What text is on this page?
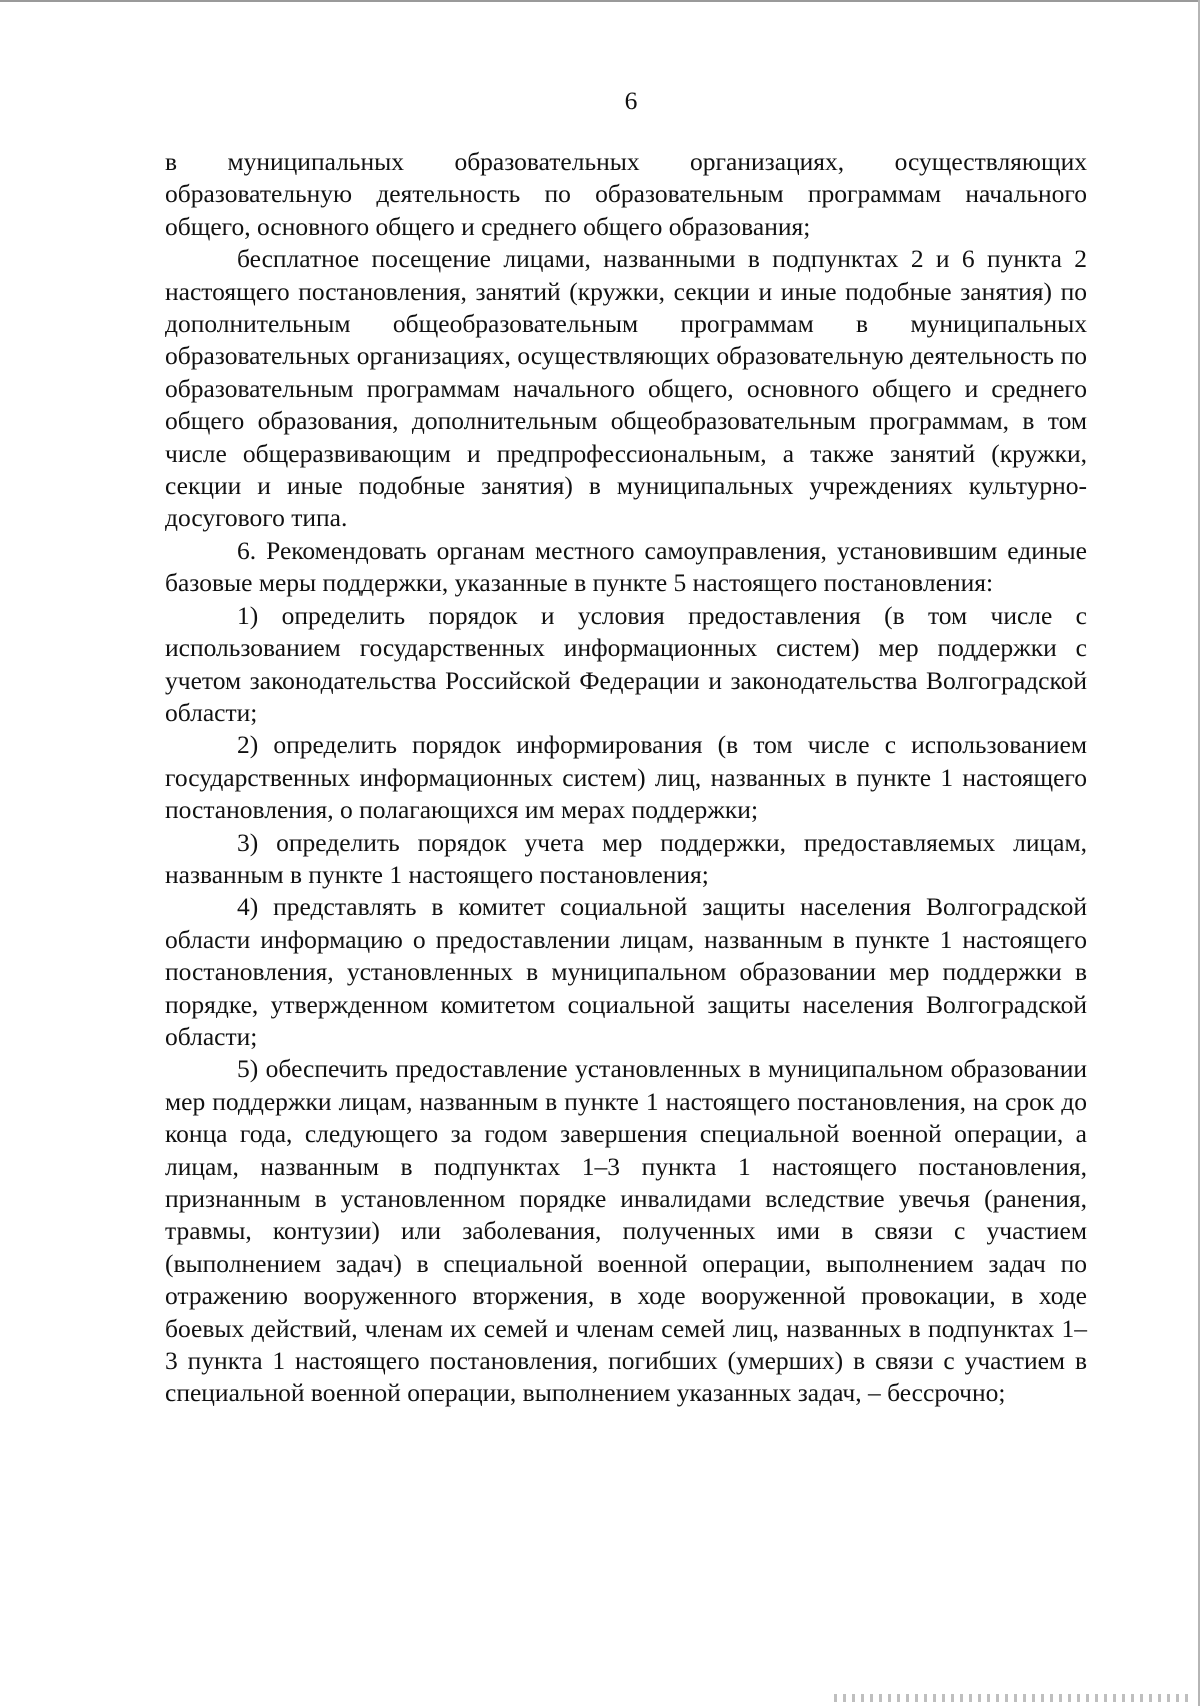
6

в муниципальных образовательных организациях, осуществляющих образовательную деятельность по образовательным программам начального общего, основного общего и среднего общего образования;

бесплатное посещение лицами, названными в подпунктах 2 и 6 пункта 2 настоящего постановления, занятий (кружки, секции и иные подобные занятия) по дополнительным общеобразовательным программам в муниципальных образовательных организациях, осуществляющих образовательную деятельность по образовательным программам начального общего, основного общего и среднего общего образования, дополнительным общеобразовательным программам, в том числе общеразвивающим и предпрофессиональным, а также занятий (кружки, секции и иные подобные занятия) в муниципальных учреждениях культурно-досугового типа.

6. Рекомендовать органам местного самоуправления, установившим единые базовые меры поддержки, указанные в пункте 5 настоящего постановления:

1) определить порядок и условия предоставления (в том числе с использованием государственных информационных систем) мер поддержки с учетом законодательства Российской Федерации и законодательства Волгоградской области;

2) определить порядок информирования (в том числе с использованием государственных информационных систем) лиц, названных в пункте 1 настоящего постановления, о полагающихся им мерах поддержки;

3) определить порядок учета мер поддержки, предоставляемых лицам, названным в пункте 1 настоящего постановления;

4) представлять в комитет социальной защиты населения Волгоградской области информацию о предоставлении лицам, названным в пункте 1 настоящего постановления, установленных в муниципальном образовании мер поддержки в порядке, утвержденном комитетом социальной защиты населения Волгоградской области;

5) обеспечить предоставление установленных в муниципальном образовании мер поддержки лицам, названным в пункте 1 настоящего постановления, на срок до конца года, следующего за годом завершения специальной военной операции, а лицам, названным в подпунктах 1–3 пункта 1 настоящего постановления, признанным в установленном порядке инвалидами вследствие увечья (ранения, травмы, контузии) или заболевания, полученных ими в связи с участием (выполнением задач) в специальной военной операции, выполнением задач по отражению вооруженного вторжения, в ходе вооруженной провокации, в ходе боевых действий, членам их семей и членам семей лиц, названных в подпунктах 1–3 пункта 1 настоящего постановления, погибших (умерших) в связи с участием в специальной военной операции, выполнением указанных задач, – бессрочно;
